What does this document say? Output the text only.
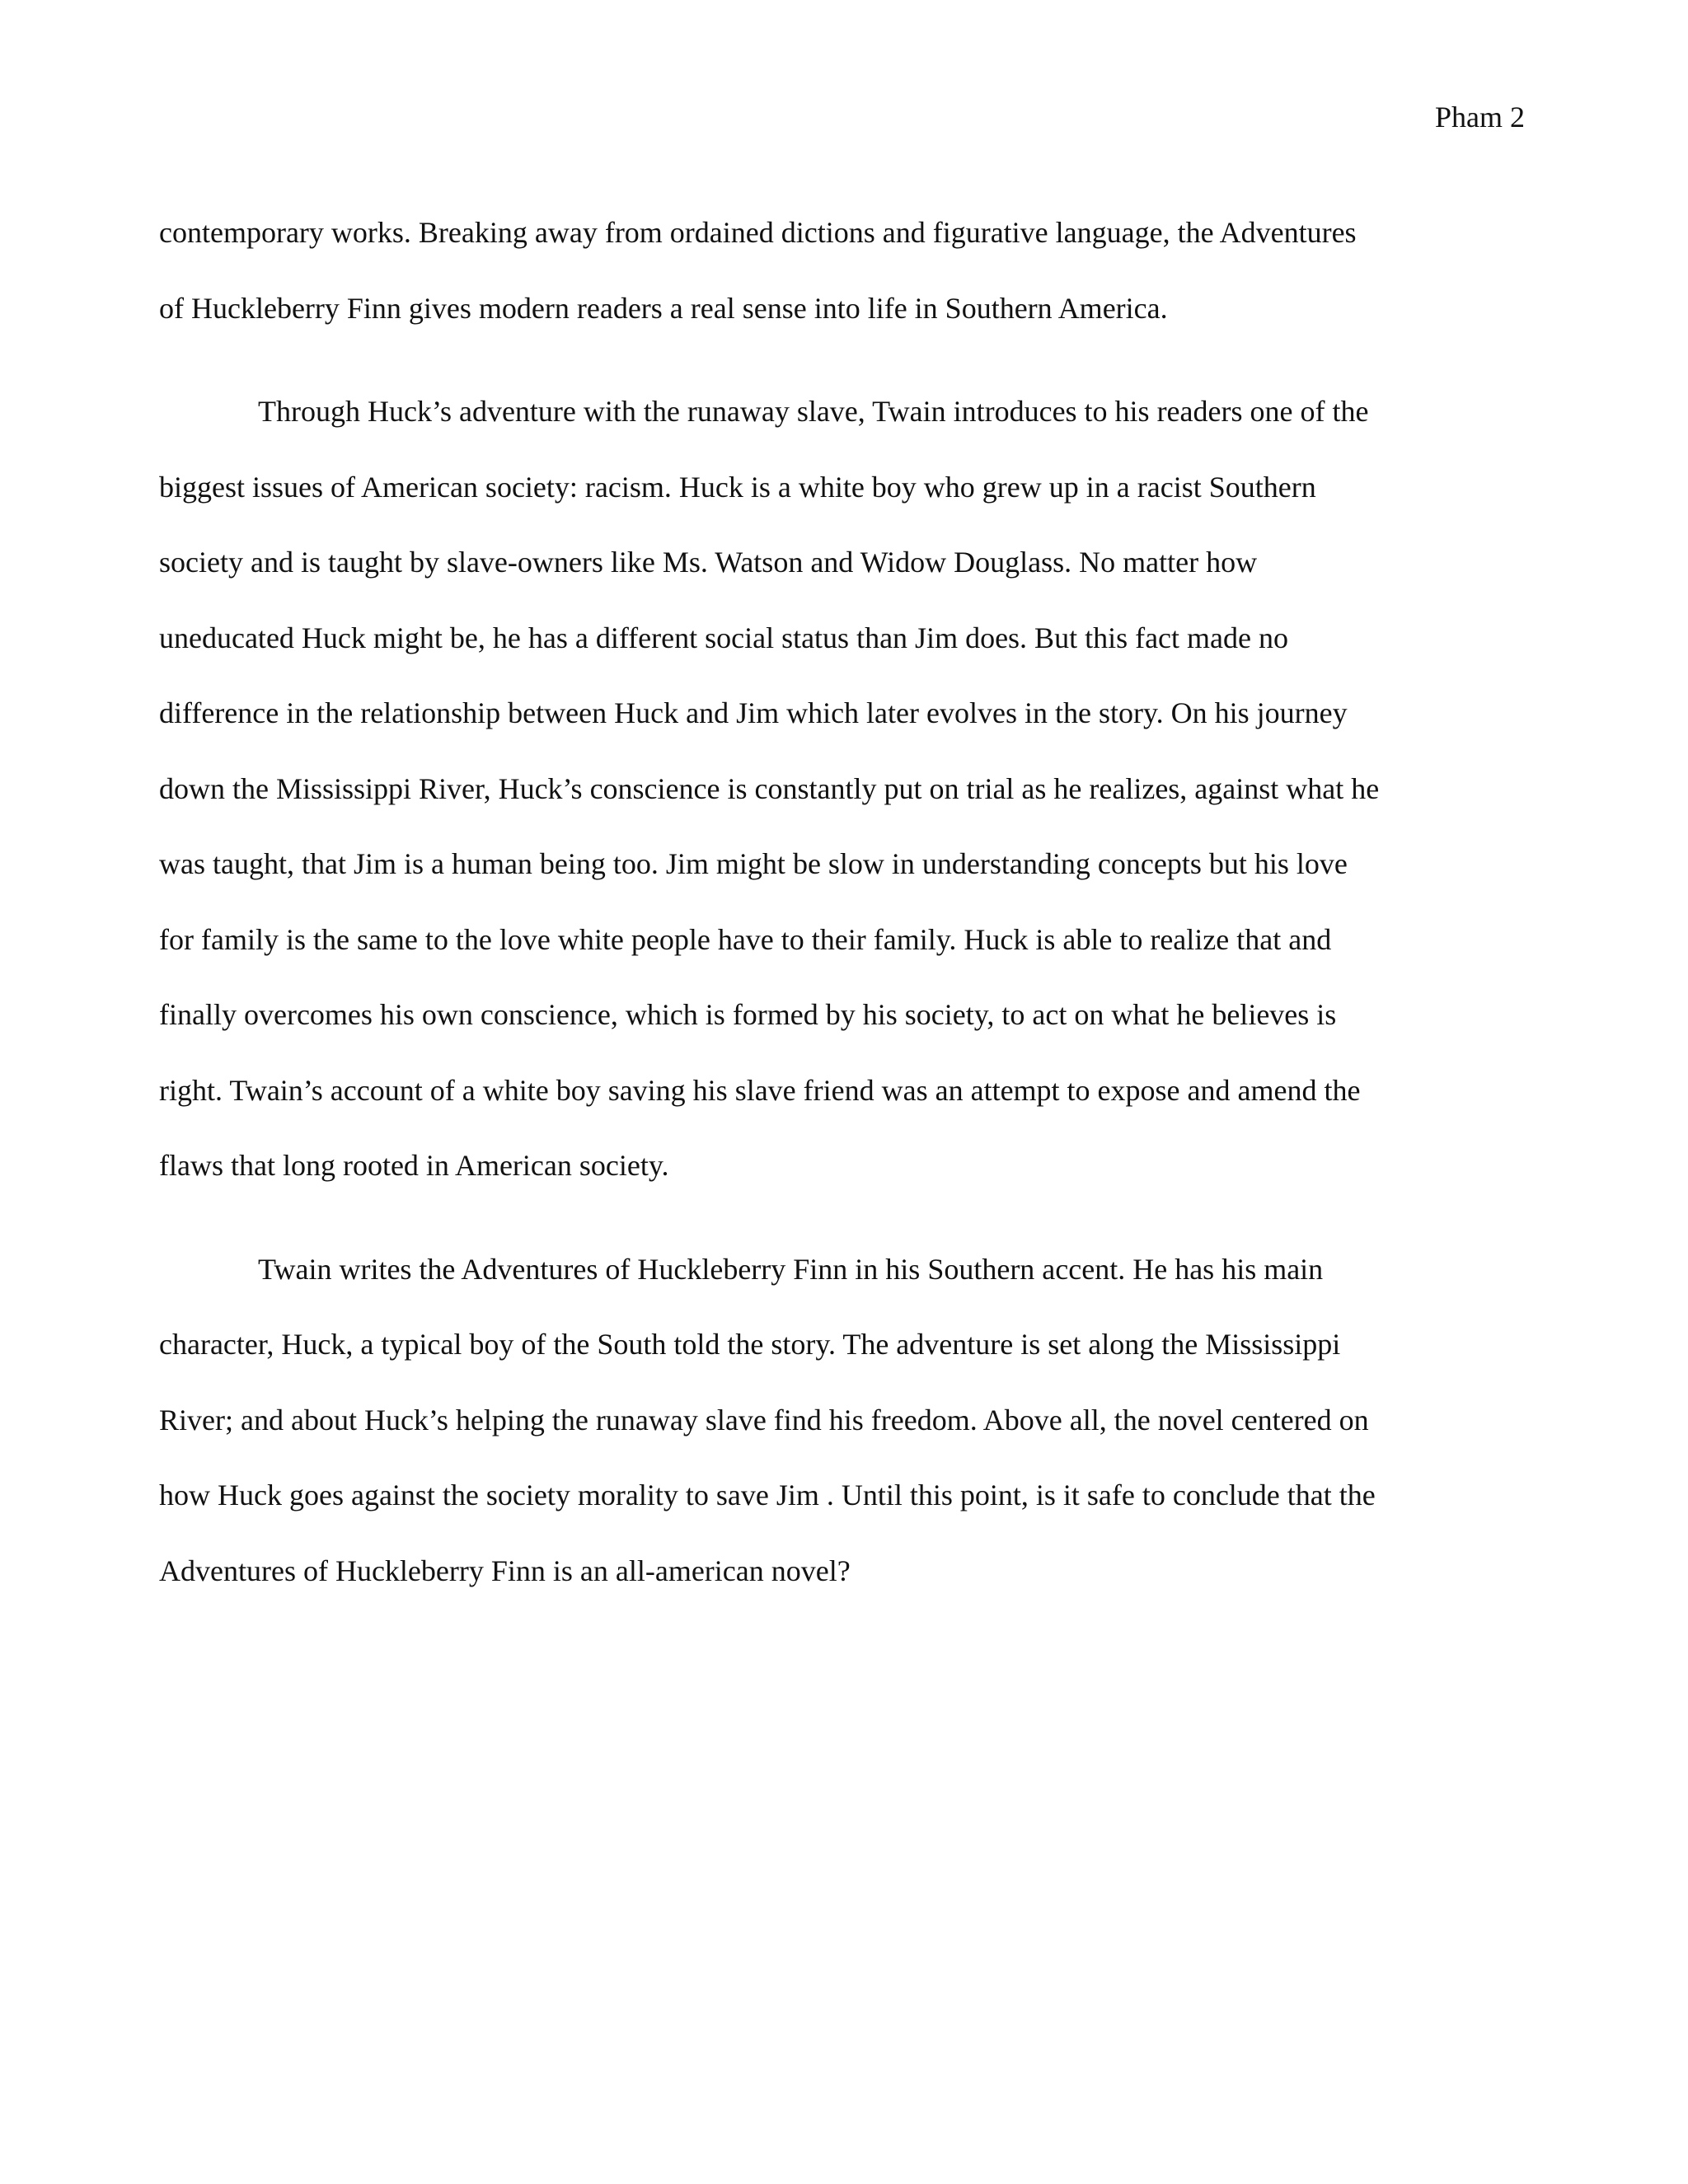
Pham 2
contemporary works. Breaking away from ordained dictions and figurative language, the Adventures
of Huckleberry Finn gives modern readers a real sense into life in Southern America.
Through Huck’s adventure with the runaway slave, Twain introduces to his readers one of the
biggest issues of American society: racism. Huck is a white boy who grew up in a racist Southern
society and is taught by slave-owners like Ms. Watson and Widow Douglass. No matter how
uneducated Huck might be, he has a different social status than Jim does. But this fact made no
difference in the relationship between Huck and Jim which later evolves in the story. On his journey
down the Mississippi River, Huck’s conscience is constantly put on trial as he realizes, against what he
was taught, that Jim is a human being too. Jim might be slow in understanding concepts but his love
for family is the same to the love white people have to their family. Huck is able to realize that and
finally overcomes his own conscience, which is formed by his society, to act on what he believes is
right. Twain’s account of a white boy saving his slave friend was an attempt to expose and amend the
flaws that long rooted in American society.
Twain writes the Adventures of Huckleberry Finn in his Southern accent. He has his main
character, Huck, a typical boy of the South told the story. The adventure is set along the Mississippi
River; and about Huck’s helping the runaway slave find his freedom. Above all, the novel centered on
how Huck goes against the society morality to save Jim . Until this point, is it safe to conclude that the
Adventures of Huckleberry Finn is an all-american novel?
